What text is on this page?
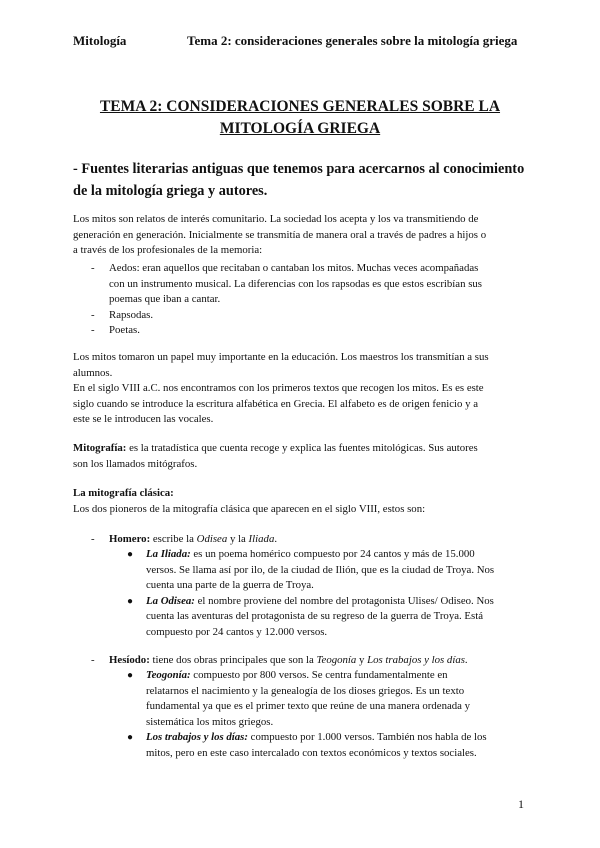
Mitología	Tema 2: consideraciones generales sobre la mitología griega
TEMA 2: CONSIDERACIONES GENERALES SOBRE LA
MITOLOGÍA GRIEGA
- Fuentes literarias antiguas que tenemos para acercarnos al conocimiento
de la mitología griega y autores.
Los mitos son relatos de interés comunitario. La sociedad los acepta y los va transmitiendo de
generación en generación. Inicialmente se transmitía de manera oral a través de padres a hijos o
a través de los profesionales de la memoria:
-	Aedos: eran aquellos que recitaban o cantaban los mitos. Muchas veces acompañadas
con un instrumento musical. La diferencias con los rapsodas es que estos escribían sus
poemas que iban a cantar.
-	Rapsodas.
-	Poetas.
Los mitos tomaron un papel muy importante en la educación. Los maestros los transmitían a sus
alumnos.
En el siglo VIII a.C. nos encontramos con los primeros textos que recogen los mitos. Es es este
siglo cuando se introduce la escritura alfabética en Grecia. El alfabeto es de origen fenicio y a
este se le introducen las vocales.
Mitografía: es la tratadística que cuenta recoge y explica las fuentes mitológicas. Sus autores
son los llamados mitógrafos.
La mitografía clásica:
Los dos pioneros de la mitografía clásica que aparecen en el siglo VIII, estos son:
-	Homero: escribe la Odisea y la Iliada.
● La Iliada: es un poema homérico compuesto por 24 cantos y más de 15.000
versos. Se llama así por ilo, de la ciudad de Ilión, que es la ciudad de Troya. Nos
cuenta una parte de la guerra de Troya.
● La Odisea: el nombre proviene del nombre del protagonista Ulises/ Odiseo. Nos
cuenta las aventuras del protagonista de su regreso de la guerra de Troya. Está
compuesto por 24 cantos y 12.000 versos.
-	Hesíodo: tiene dos obras principales que son la Teogonía y Los trabajos y los días.
● Teogonía: compuesto por 800 versos. Se centra fundamentalmente en
relatarnos el nacimiento y la genealogía de los dioses griegos. Es un texto
fundamental ya que es el primer texto que reúne de una manera ordenada y
sistemática los mitos griegos.
● Los trabajos y los días: compuesto por 1.000 versos. También nos habla de los
mitos, pero en este caso intercalado con textos económicos y textos sociales.
1
